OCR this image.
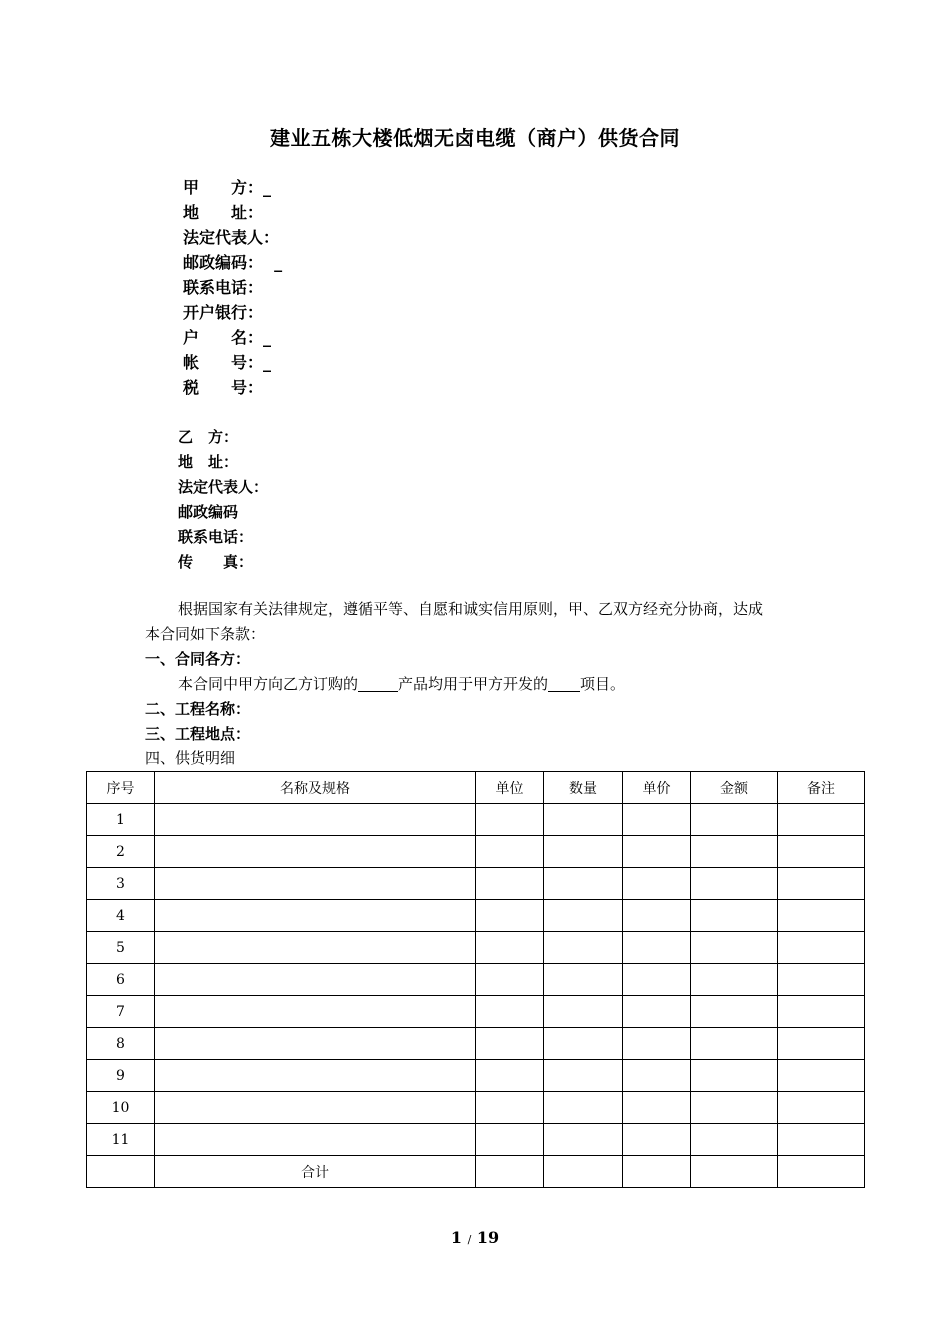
建业五栋大楼低烟无卤电缆（商户）供货合同
甲　　方：_
地　　址：
法定代表人：
邮政编码：  _
联系电话：
开户银行：
户　　名：_
帐　　号：_
税　　号：
乙　方：
地　址：
法定代表人：
邮政编码
联系电话：
传　　真：
根据国家有关法律规定，遵循平等、自愿和诚实信用原则，甲、乙双方经充分协商，达成
本合同如下条款：
一、合同各方：
本合同中甲方向乙方订购的	产品均用于甲方开发的 项目。
二、工程名称：
三、工程地点：
四、供货明细
序号	名称及规格	单位	数量	单价	金额	备注
1						
2						
3						
4						
5						
6						
7						
8						
9						
10						
11						
	合计					
1 / 19
